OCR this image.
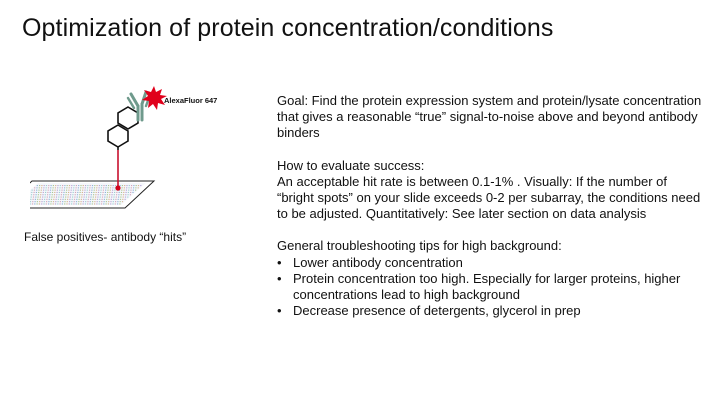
Optimization of protein concentration/conditions
AlexaFluor 647
False positives- antibody “hits”

Goal: Find the protein expression system and protein/lysate concentration that gives a reasonable “true” signal-to-noise above and beyond antibody binders

How to evaluate success:

An acceptable hit rate is between 0.1-1% . Visually: If the number of “bright spots” on your slide exceeds 0-2 per subarray, the conditions need to be adjusted. Quantitatively: See later section on data analysis

General troubleshooting tips for high background:

• Lower antibody concentration
• Protein concentration too high. Especially for larger proteins, higher concentrations lead to high background
• Decrease presence of detergents, glycerol in prep
